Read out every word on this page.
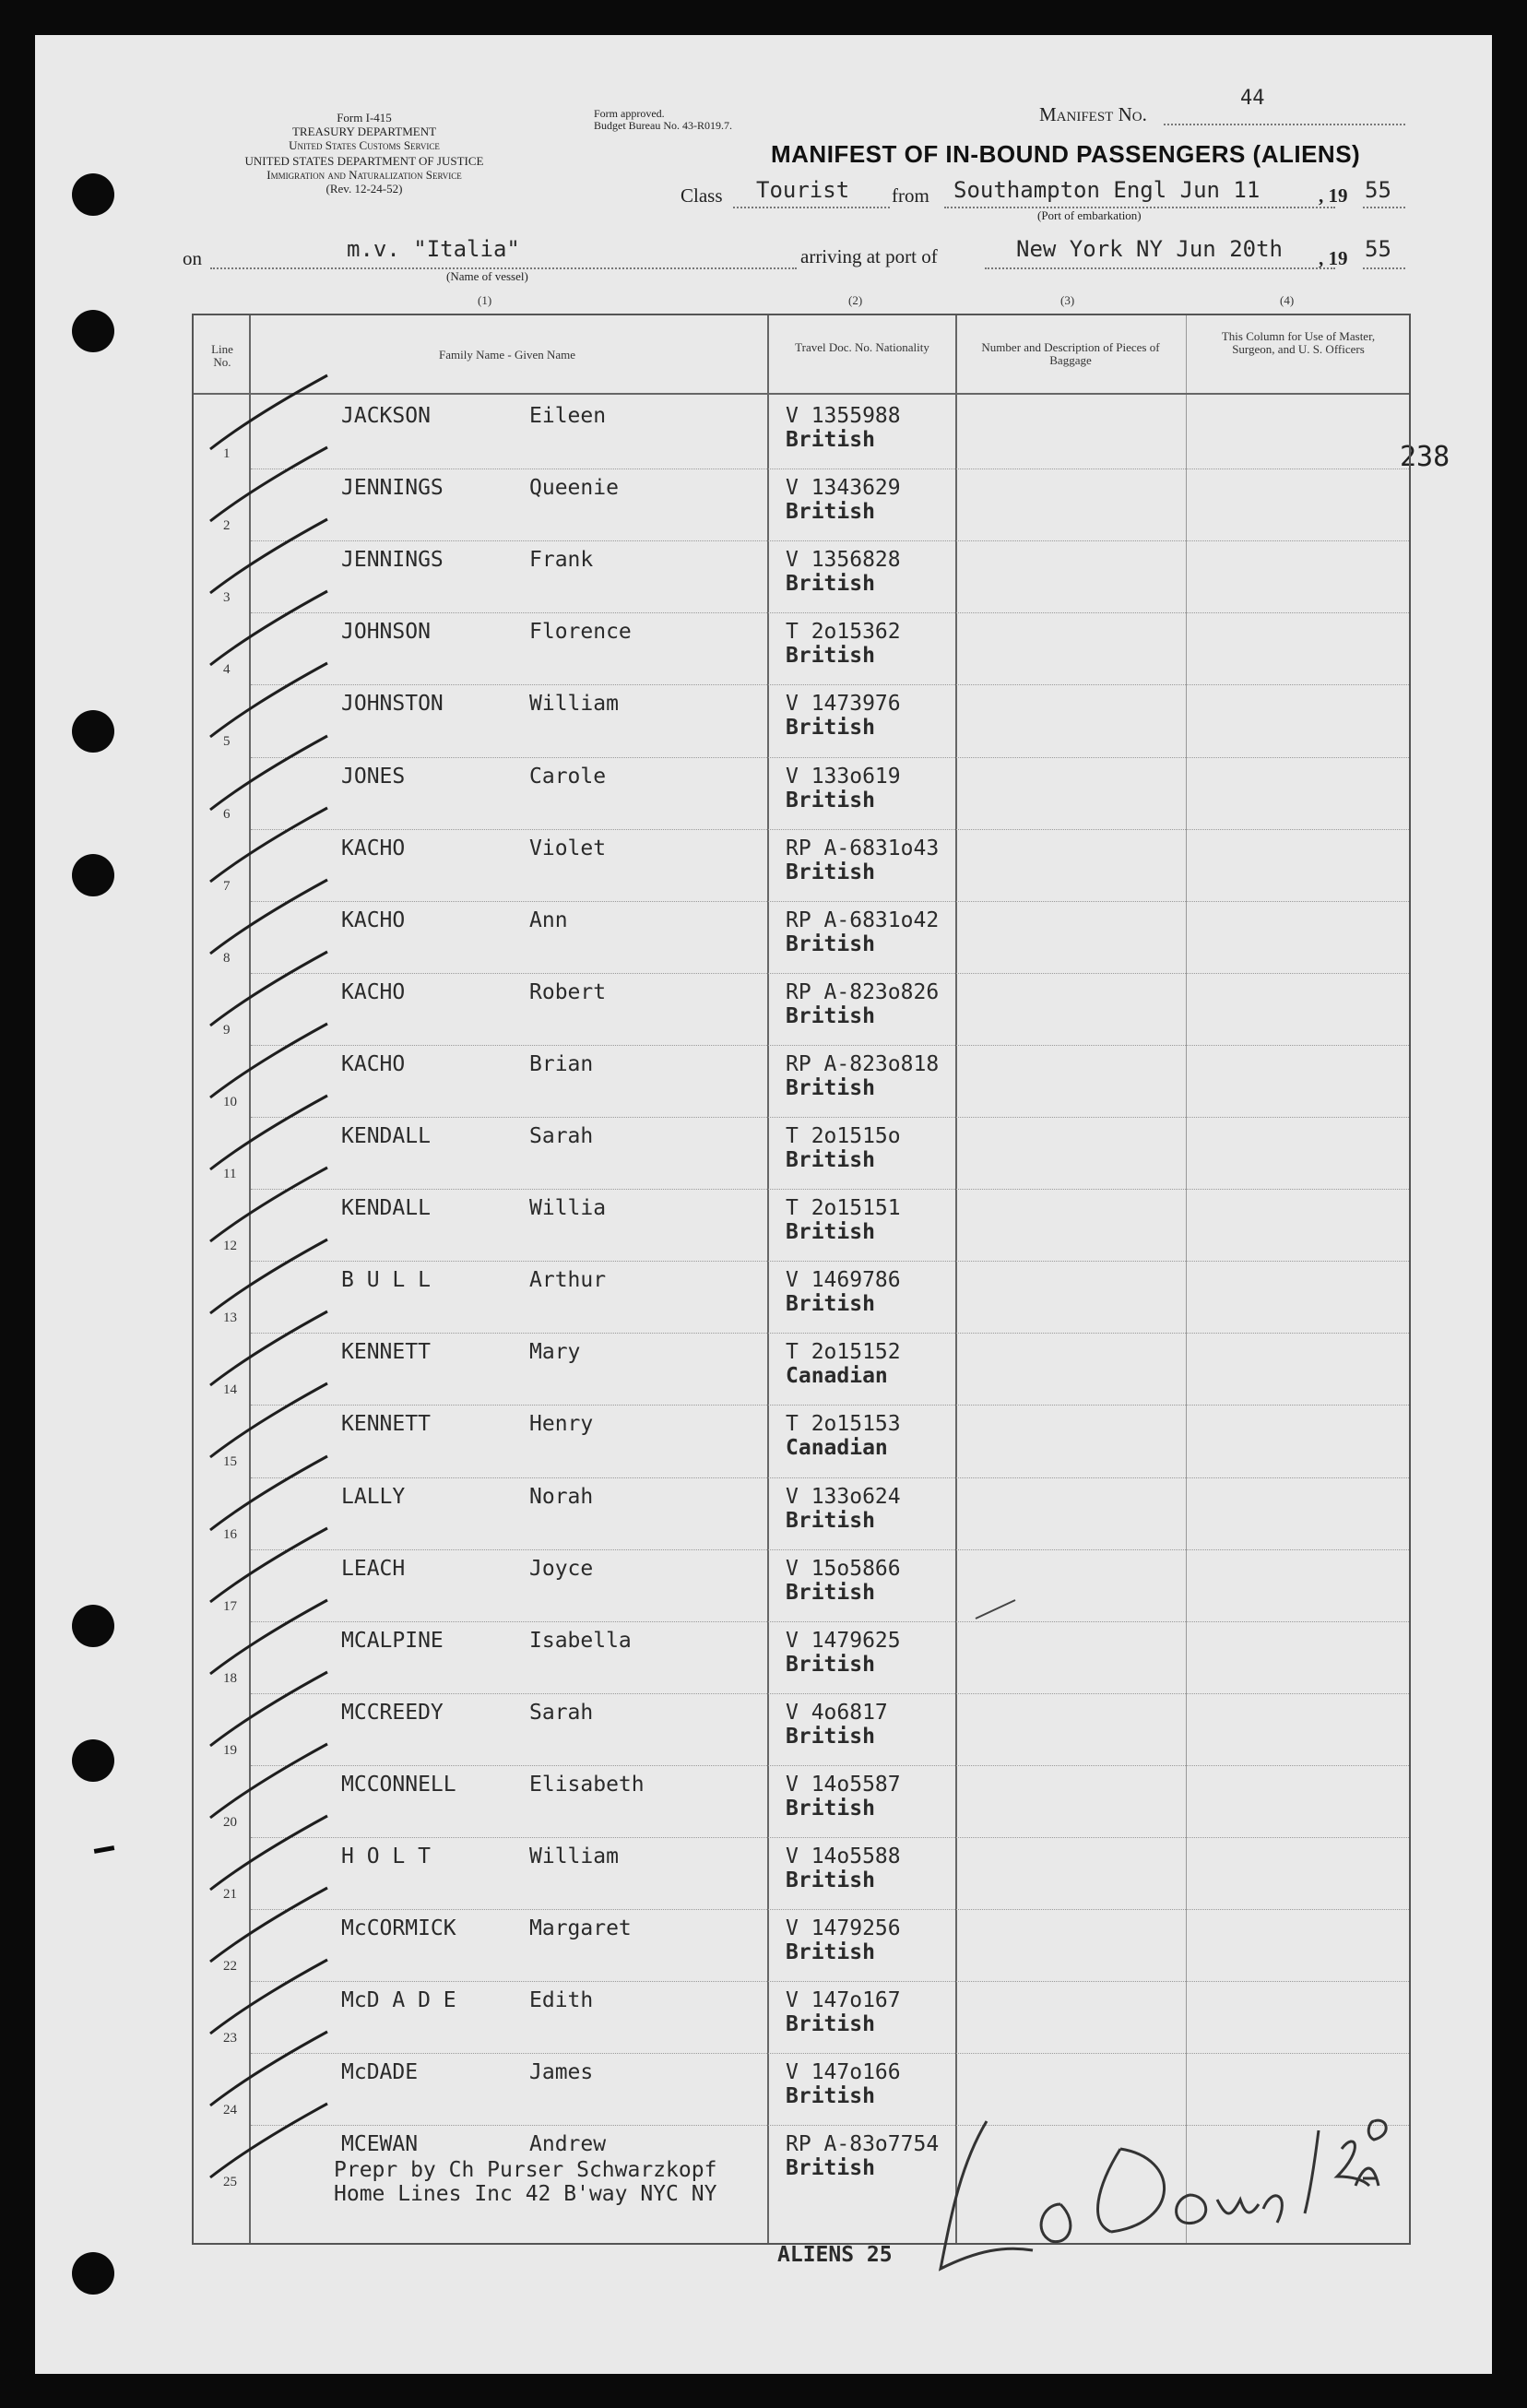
Form I-415
TREASURY DEPARTMENT
United States Customs Service
UNITED STATES DEPARTMENT OF JUSTICE
Immigration and Naturalization Service
(Rev. 12-24-52)
Form approved.
Budget Bureau No. 43-R019.7.	Manifest No.
44
MANIFEST OF IN-BOUND PASSENGERS (ALIENS)
Class Tourist from Southampton Engl Jun 11	, 19 55
(Port of embarkation)
on	m.v. "Italia"
(Name of vessel)
arriving at port of	New York NY Jun 20th , 19 55
(1)	(2)	(3)	(4)
238
Line No.
Family Name - Given Name
Travel Doc. No. Nationality	Number and Description of Pieces of Baggage
This Column for Use of Master, Surgeon, and U. S. Officers
1
JACKSON	Eileen	V 1355988
British
2
JENNINGS	Queenie	V 1343629
British
3
JENNINGS	Frank	V 1356828
British
4
JOHNSON	Florence	T 2o15362
British
5
JOHNSTON	William	V 1473976
British
6
JONES	Carole	V 133o619
British
7
KACHO	Violet	RP A-6831o43
British
8
KACHO	Ann	RP A-6831o42
British
9
KACHO	Robert	RP A-823o826
British
10
KACHO	Brian	RP A-823o818
British
11
KENDALL	Sarah	T 2o1515o
British
12
KENDALL	Willia	T 2o15151
British
13
B U L L	Arthur	V 1469786
British
14
KENNETT	Mary	T 2o15152
Canadian
15
KENNETT	Henry	T 2o15153
Canadian
16
LALLY	Norah	V 133o624
British
17
LEACH	Joyce	V 15o5866
British
18
MCALPINE	Isabella	V 1479625
British
19
MCCREEDY	Sarah	V 4o6817
British
20
MCCONNELL	Elisabeth	V 14o5587
British
21
H O L T	William	V 14o5588
British
22
McCORMICK	Margaret	V 1479256
British
23
McD A D E	Edith	V 147o167
British
24
McDADE	James	V 147o166
British
25
MCEWAN	Andrew	RP A-83o7754
British
Prepr by Ch Purser Schwarzkopf
Home Lines Inc 42 B'way NYC NY
ALIENS 25
